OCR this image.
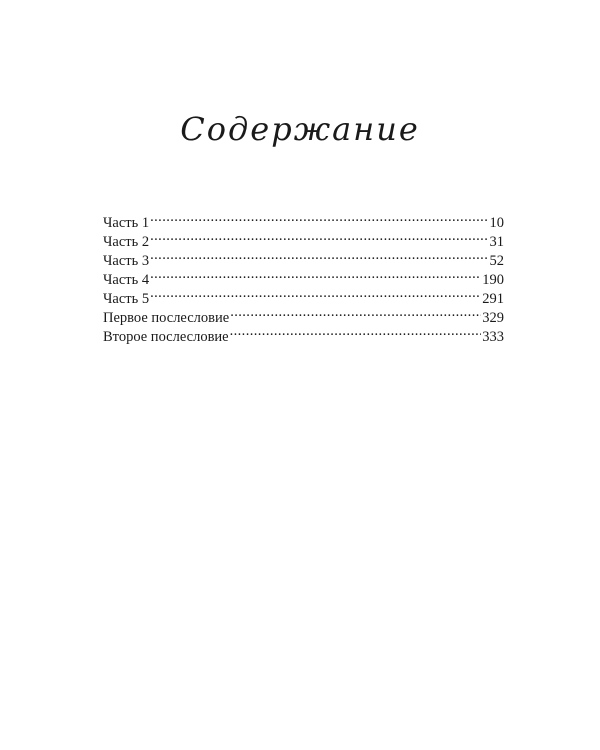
Содержание
Часть 1 .....	10
Часть 2 .....	31
Часть 3 .....	52
Часть 4 .....	190
Часть 5 .....	291
Первое послесловие .....	329
Второе послесловие .....	333
